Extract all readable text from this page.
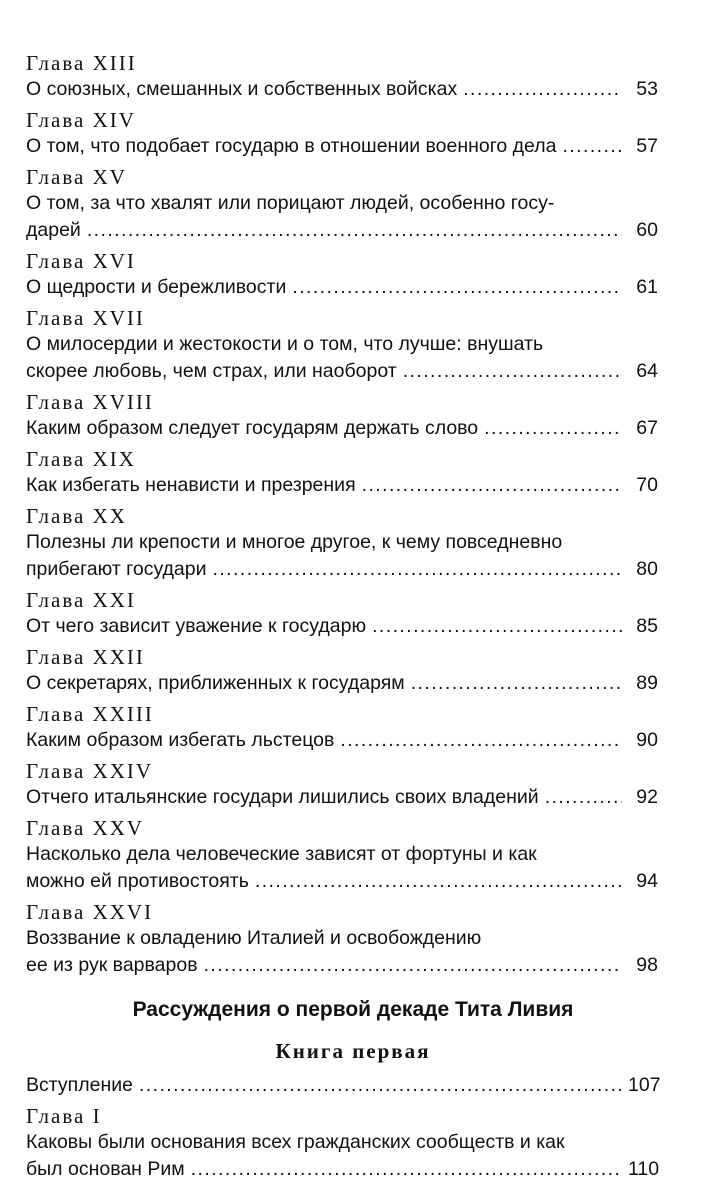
Глава XIII

О союзных, смешанных и собственных войсках . . .	53

Глава XIV

О том, что подобает государю в отношении военного дела . . .	57

Глава XV

О том, за что хвалят или порицают людей, особенно госу-

дарей . . .	60

Глава XVI

О щедрости и бережливости . . .	61

Глава XVII

О милосердии и жестокости и о том, что лучше: внушать

скорее любовь, чем страх, или наоборот . . .	64

Глава XVIII

Каким образом следует государям держать слово . . .	67

Глава XIX

Как избегать ненависти и презрения . . .	70

Глава XX

Полезны ли крепости и многое другое, к чему повседневно

прибегают государи . . .	80

Глава XXI

От чего зависит уважение к государю . . .	85

Глава XXII

О секретарях, приближенных к государям . . .	89

Глава XXIII

Каким образом избегать льстецов . . .	90

Глава XXIV

Отчего итальянские государи лишились своих владений . . .	92

Глава XXV

Насколько дела человеческие зависят от фортуны и как

можно ей противостоять . . .	94

Глава XXVI

Воззвание к овладению Италией и освобождению

ее из рук варваров . . .	98
Рассуждения о первой декаде Тита Ливия
Книга первая
Вступление . . .	107

Глава I

Каковы были основания всех гражданских сообществ и как

был основан Рим . . .	110
